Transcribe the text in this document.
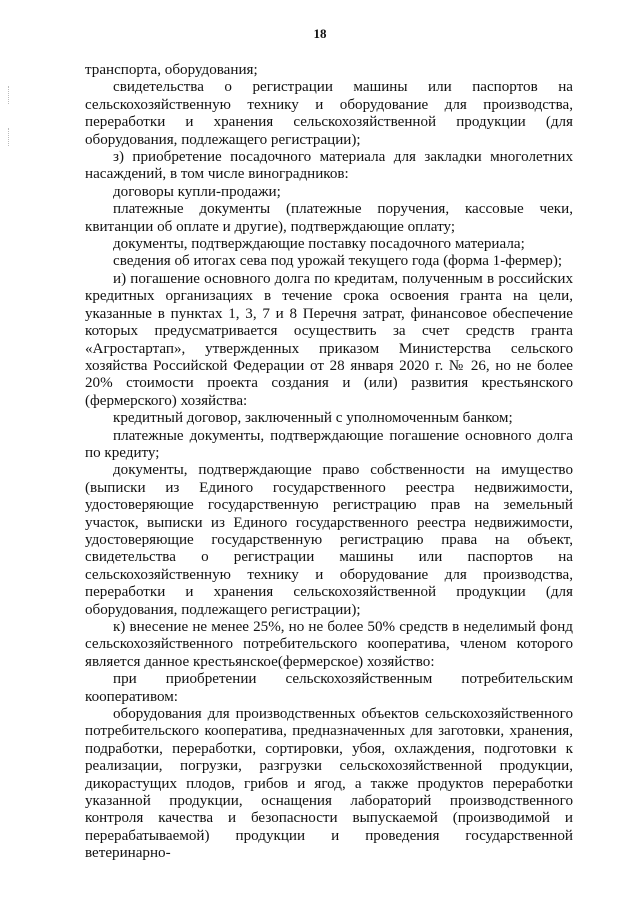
18

транспорта, оборудования;

свидетельства о регистрации машины или паспортов на сельскохозяйственную технику и оборудование для производства, переработки и хранения сельскохозяйственной продукции (для оборудования, подлежащего регистрации);

з) приобретение посадочного материала для закладки многолетних насаждений, в том числе виноградников:

договоры купли-продажи;

платежные документы (платежные поручения, кассовые чеки, квитанции об оплате и другие), подтверждающие оплату;

документы, подтверждающие поставку посадочного материала;

сведения об итогах сева под урожай текущего года (форма 1-фермер);

и) погашение основного долга по кредитам, полученным в российских кредитных организациях в течение срока освоения гранта на цели, указанные в пунктах 1, 3, 7 и 8 Перечня затрат, финансовое обеспечение которых предусматривается осуществить за счет средств гранта «Агростартап», утвержденных приказом Министерства сельского хозяйства Российской Федерации от 28 января 2020 г. № 26, но не более 20% стоимости проекта создания и (или) развития крестьянского (фермерского) хозяйства:

кредитный договор, заключенный с уполномоченным банком;

платежные документы, подтверждающие погашение основного долга по кредиту;

документы, подтверждающие право собственности на имущество (выписки из Единого государственного реестра недвижимости, удостоверяющие государственную регистрацию прав на земельный участок, выписки из Единого государственного реестра недвижимости, удостоверяющие государственную регистрацию права на объект, свидетельства о регистрации машины или паспортов на сельскохозяйственную технику и оборудование для производства, переработки и хранения сельскохозяйственной продукции (для оборудования, подлежащего регистрации);

к) внесение не менее 25%, но не более 50% средств в неделимый фонд сельскохозяйственного потребительского кооператива, членом которого является данное крестьянское(фермерское) хозяйство:

при приобретении сельскохозяйственным потребительским кооперативом:

оборудования для производственных объектов сельскохозяйственного потребительского кооператива, предназначенных для заготовки, хранения, подработки, переработки, сортировки, убоя, охлаждения, подготовки к реализации, погрузки, разгрузки сельскохозяйственной продукции, дикорастущих плодов, грибов и ягод, а также продуктов переработки указанной продукции, оснащения лабораторий производственного контроля качества и безопасности выпускаемой (производимой и перерабатываемой) продукции и проведения государственной ветеринарно-
